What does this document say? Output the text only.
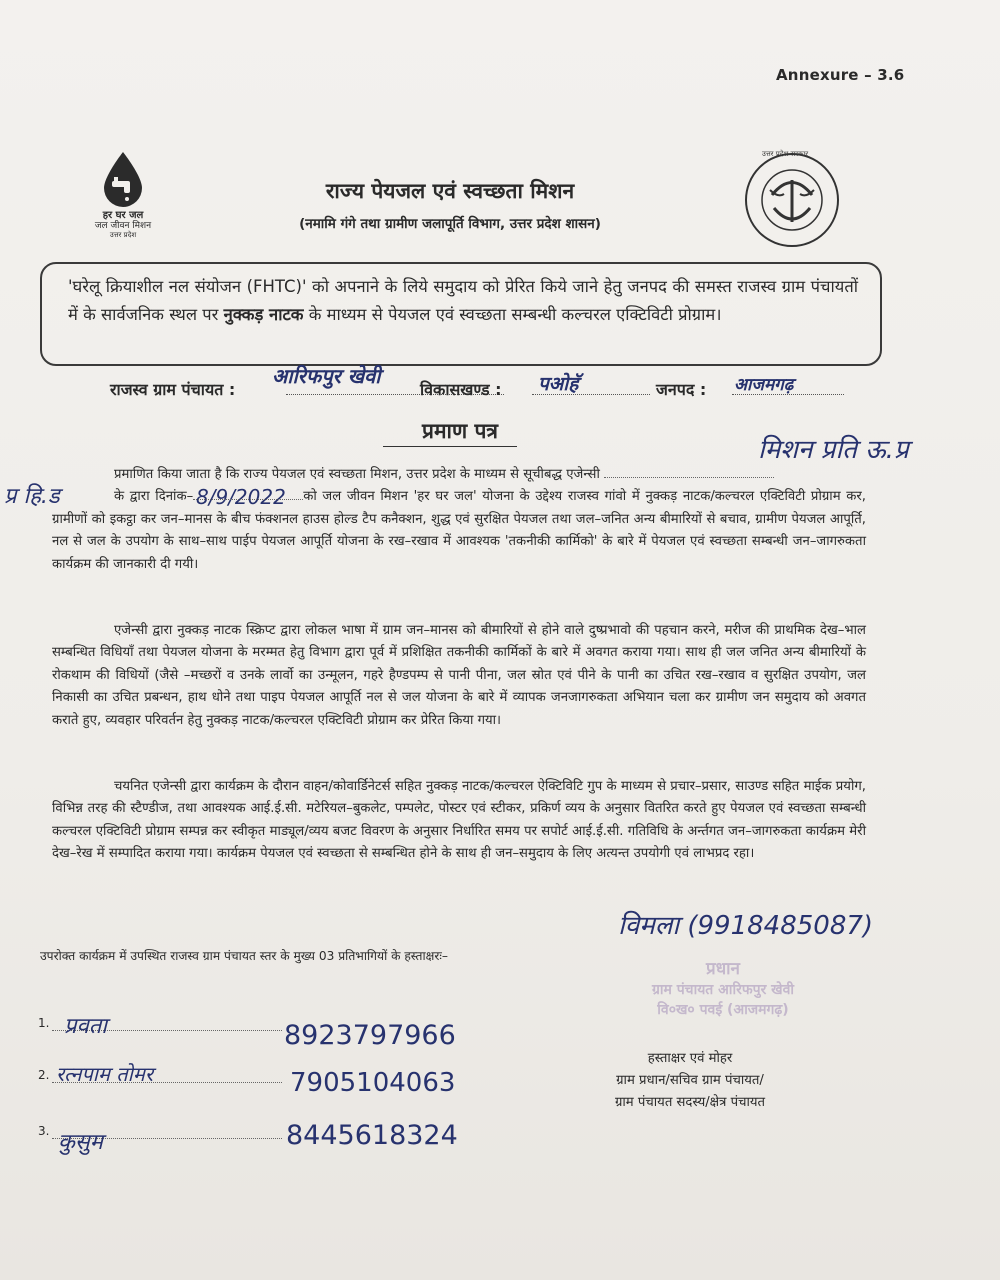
Annexure – 3.6
हर घर जल
जल जीवन मिशन
उत्तर प्रदेश
उत्तर प्रदेश सरकार
राज्य पेयजल एवं स्वच्छता मिशन
(नमामि गंगे तथा ग्रामीण जलापूर्ति विभाग, उत्तर प्रदेश शासन)
'घरेलू क्रियाशील नल संयोजन (FHTC)' को अपनाने के लिये समुदाय को प्रेरित किये जाने हेतु जनपद की समस्त राजस्व ग्राम पंचायतों में के सार्वजनिक स्थल पर नुक्कड़ नाटक के माध्यम से पेयजल एवं स्वच्छता सम्बन्धी कल्चरल एक्टिविटी प्रोग्राम।
राजस्व ग्राम पंचायत :
आरिफपुर खेवी
विकासखण्ड : पओहॅ	जनपद : आजमगढ़
प्रमाण पत्र
मिशन प्रति ऊ.प्र
प्र हि.ड	8/9/2022
प्रमाणित किया जाता है कि राज्य पेयजल एवं स्वच्छता मिशन, उत्तर प्रदेश के माध्यम से सूचीबद्ध एजेन्सी
के द्वारा दिनांक–	को जल जीवन मिशन 'हर घर जल' योजना के उद्देश्य राजस्व गांवो में नुक्कड़ नाटक/कल्चरल एक्टिविटी प्रोग्राम कर, ग्रामीणों को इकट्ठा कर जन–मानस के बीच फंक्शनल हाउस होल्ड टैप कनैक्शन, शुद्ध एवं सुरक्षित पेयजल तथा जल–जनित अन्य बीमारियों से बचाव, ग्रामीण पेयजल आपूर्ति, नल से जल के उपयोग के साथ–साथ पाईप पेयजल आपूर्ति योजना के रख–रखाव में आवश्यक 'तकनीकी कार्मिको' के बारे में पेयजल एवं स्वच्छता सम्बन्धी जन–जागरुकता कार्यक्रम की जानकारी दी गयी।
एजेन्सी द्वारा नुक्कड़ नाटक स्क्रिप्ट द्वारा लोकल भाषा में ग्राम जन–मानस को बीमारियों से होने वाले दुष्प्रभावो की पहचान करने, मरीज की प्राथमिक देख–भाल सम्बन्धित विधियाँ तथा पेयजल योजना के मरम्मत हेतु विभाग द्वारा पूर्व में प्रशिक्षित तकनीकी कार्मिकों के बारे में अवगत कराया गया। साथ ही जल जनित अन्य बीमारियों के रोकथाम की विधियों (जैसे –मच्छरों व उनके लार्वो का उन्मूलन, गहरे हैण्डपम्प से पानी पीना, जल स्रोत एवं पीने के पानी का उचित रख–रखाव व सुरक्षित उपयोग, जल निकासी का उचित प्रबन्धन, हाथ धोने तथा पाइप पेयजल आपूर्ति नल से जल योजना के बारे में व्यापक जनजागरुकता अभियान चला कर ग्रामीण जन समुदाय को अवगत कराते हुए, व्यवहार परिवर्तन हेतु नुक्कड़ नाटक/कल्चरल एक्टिविटी प्रोग्राम कर प्रेरित किया गया।
चयनित एजेन्सी द्वारा कार्यक्रम के दौरान वाहन/कोवार्डिनेटर्स सहित नुक्कड़ नाटक/कल्चरल ऐक्टिविटि गुप के माध्यम से प्रचार–प्रसार, साउण्ड सहित माईक प्रयोग, विभिन्न तरह की स्टैण्डीज, तथा आवश्यक आई.ई.सी. मटेरियल–बुकलेट, पम्पलेट, पोस्टर एवं स्टीकर, प्रकिर्ण व्यय के अनुसार वितरित करते हुए पेयजल एवं स्वच्छता सम्बन्धी कल्चरल एक्टिविटी प्रोग्राम सम्पन्न कर स्वीकृत माड्यूल/व्यय बजट विवरण के अनुसार निर्धारित समय पर सपोर्ट आई.ई.सी. गतिविधि के अर्न्तगत जन–जागरुकता कार्यक्रम मेरी देख–रेख में सम्पादित कराया गया। कार्यक्रम पेयजल एवं स्वच्छता से सम्बन्धित होने के साथ ही जन–समुदाय के लिए अत्यन्त उपयोगी एवं लाभप्रद रहा।
विमला (9918485087)
उपरोक्त कार्यक्रम में उपस्थित राजस्व ग्राम पंचायत स्तर के मुख्य 03 प्रतिभागियों के हस्ताक्षरः–
1. प्रवता	8923797966
2. रत्नपाम तोमर	7905104063
3. कुसुम	8445618324
प्रधान
ग्राम पंचायत आरिफपुर खेवी
वि०ख० पवई (आजमगढ़)
हस्ताक्षर एवं मोहर
ग्राम प्रधान/सचिव ग्राम पंचायत/
ग्राम पंचायत सदस्य/क्षेत्र पंचायत
